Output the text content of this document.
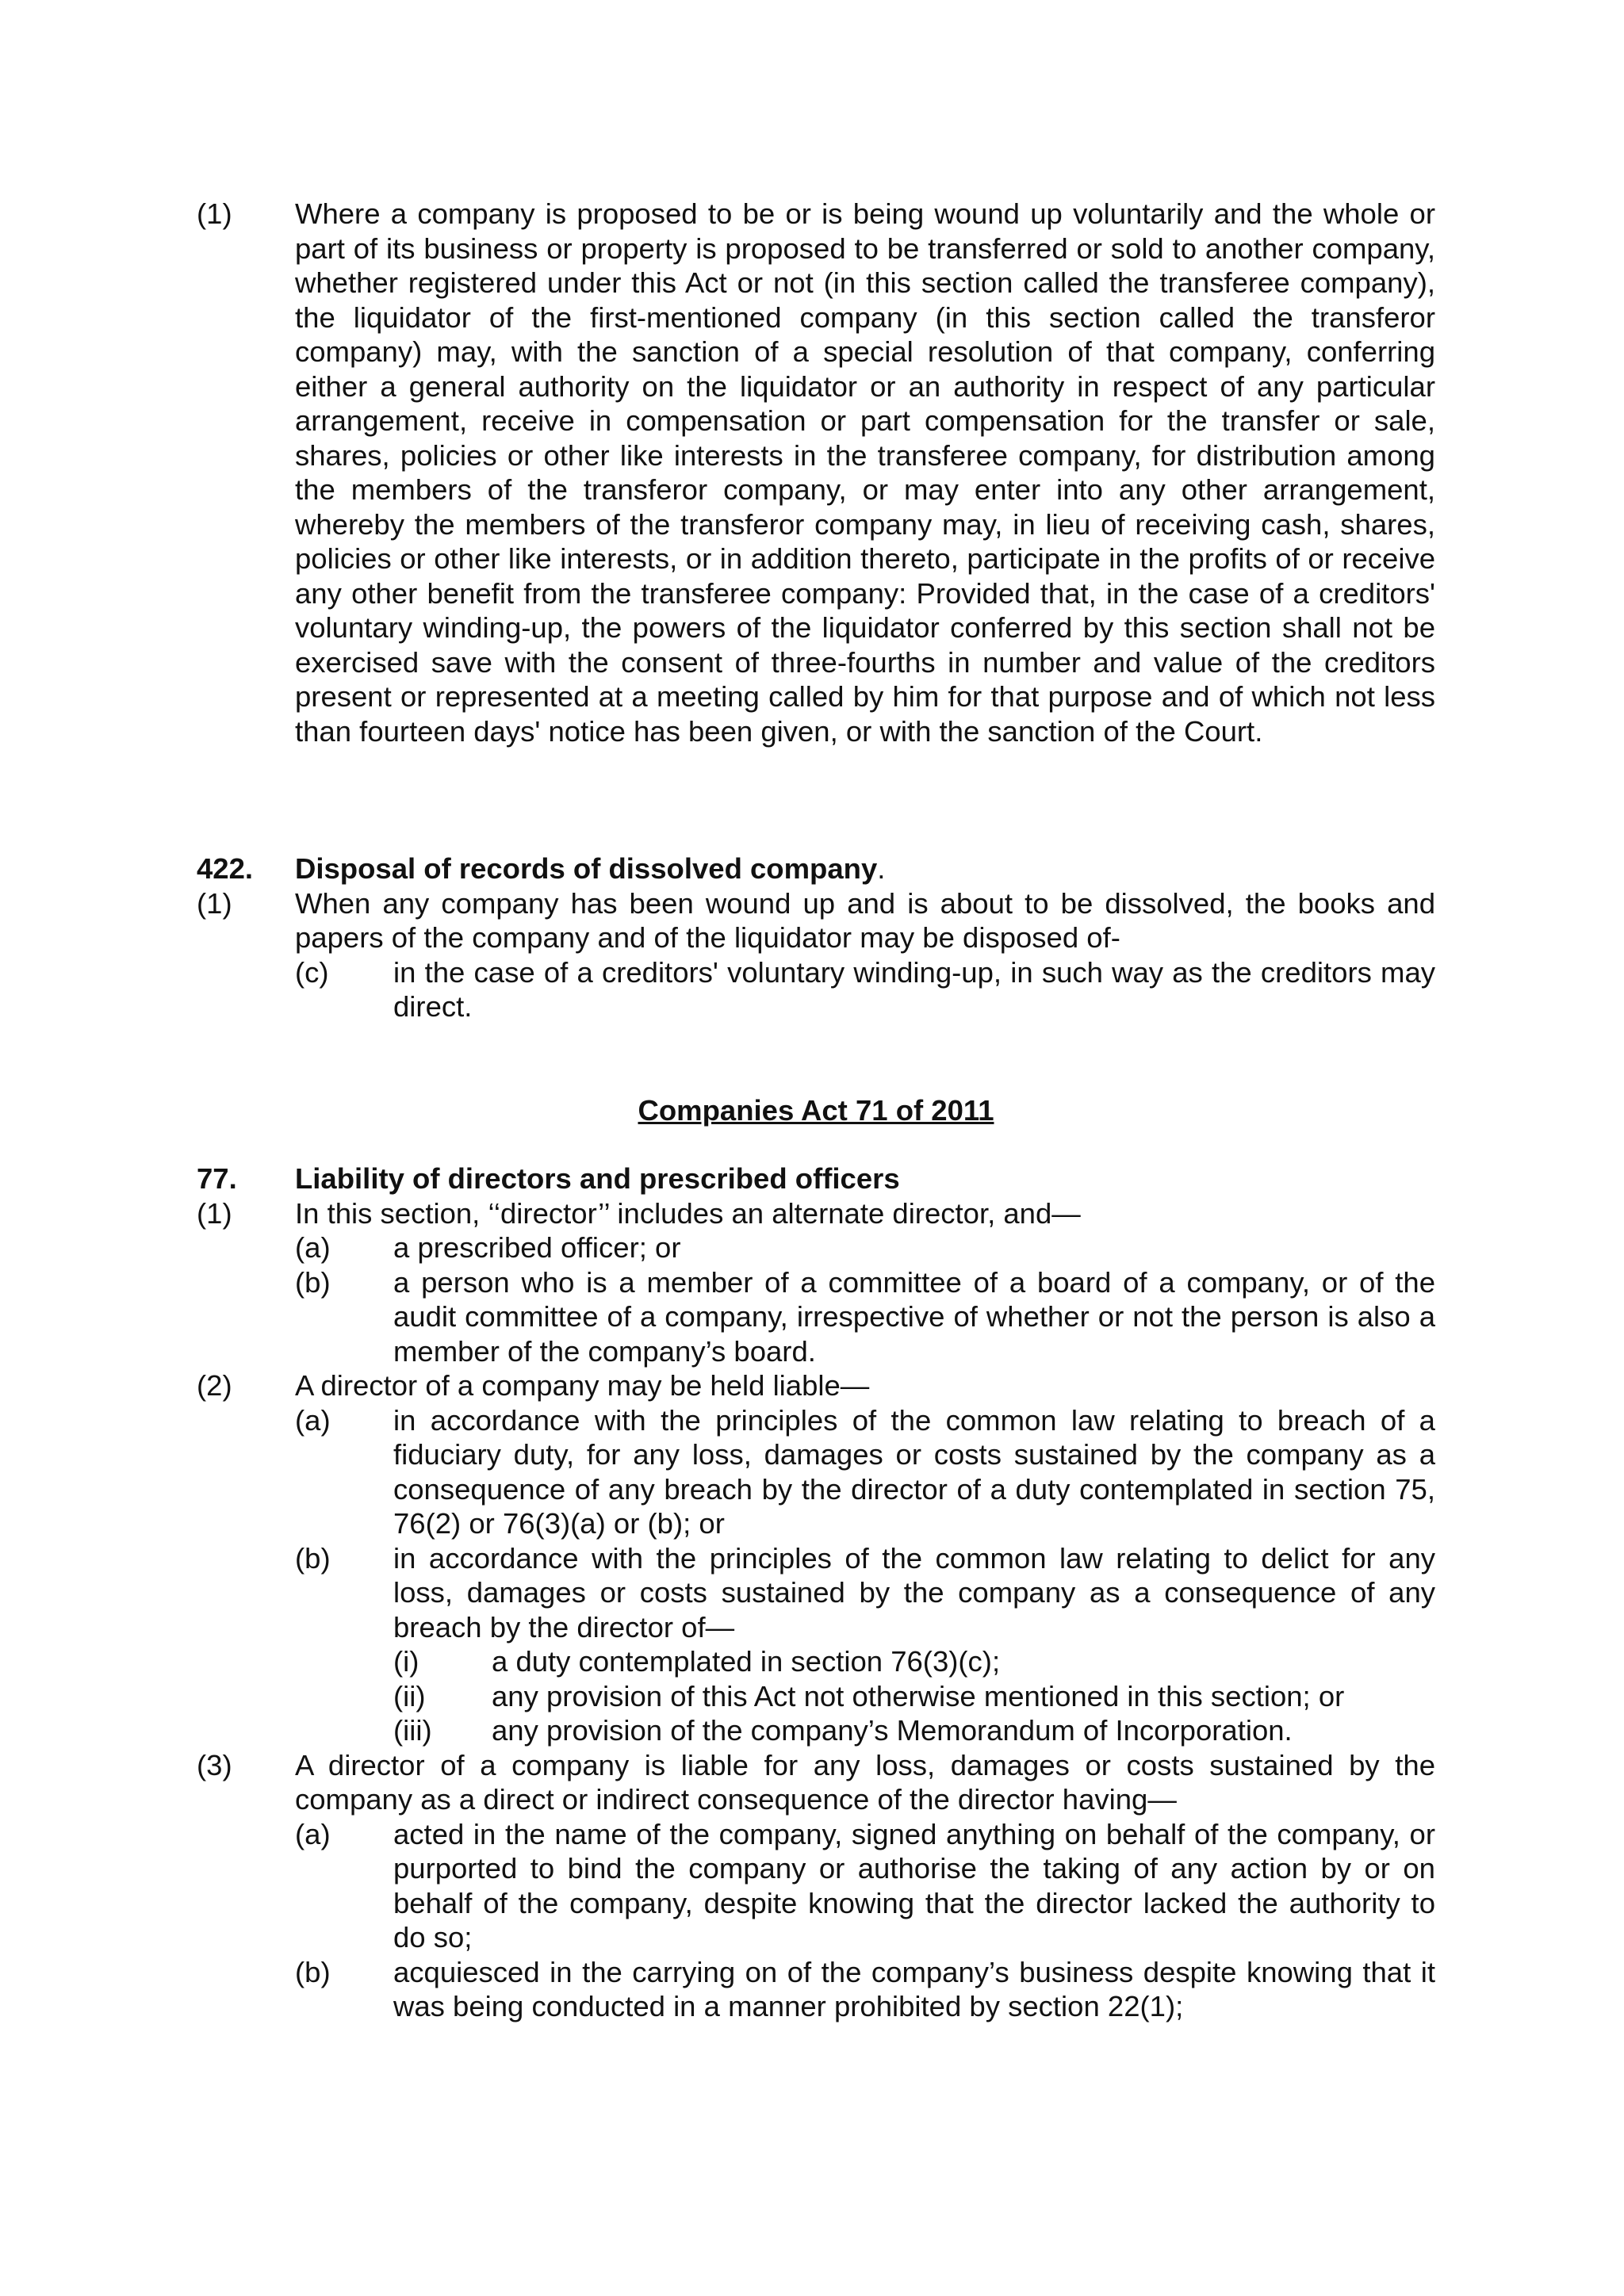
(1)	Where a company is proposed to be or is being wound up voluntarily and the whole or part of its business or property is proposed to be transferred or sold to another company, whether registered under this Act or not (in this section called the transferee company), the liquidator of the first-mentioned company (in this section called the transferor company) may, with the sanction of a special resolution of that company, conferring either a general authority on the liquidator or an authority in respect of any particular arrangement, receive in compensation or part compensation for the transfer or sale, shares, policies or other like interests in the transferee company, for distribution among the members of the transferor company, or may enter into any other arrangement, whereby the members of the transferor company may, in lieu of receiving cash, shares, policies or other like interests, or in addition thereto, participate in the profits of or receive any other benefit from the transferee company: Provided that, in the case of a creditors' voluntary winding-up, the powers of the liquidator conferred by this section shall not be exercised save with the consent of three-fourths in number and value of the creditors present or represented at a meeting called by him for that purpose and of which not less than fourteen days' notice has been given, or with the sanction of the Court.
422.	Disposal of records of dissolved company.
(1)	When any company has been wound up and is about to be dissolved, the books and papers of the company and of the liquidator may be disposed of-
(c)	in the case of a creditors' voluntary winding-up, in such way as the creditors may direct.
Companies Act 71 of 2011
77.	Liability of directors and prescribed officers
(1)	In this section, ‘‘director’’ includes an alternate director, and—
(a)	a prescribed officer; or
(b)	a person who is a member of a committee of a board of a company, or of the audit committee of a company, irrespective of whether or not the person is also a member of the company’s board.
(2)	A director of a company may be held liable—
(a)	in accordance with the principles of the common law relating to breach of a fiduciary duty, for any loss, damages or costs sustained by the company as a consequence of any breach by the director of a duty contemplated in section 75, 76(2) or 76(3)(a) or (b); or
(b)	in accordance with the principles of the common law relating to delict for any loss, damages or costs sustained by the company as a consequence of any breach by the director of—
(i)	a duty contemplated in section 76(3)(c);
(ii)	any provision of this Act not otherwise mentioned in this section; or
(iii)	any provision of the company’s Memorandum of Incorporation.
(3)	A director of a company is liable for any loss, damages or costs sustained by the company as a direct or indirect consequence of the director having—
(a)	acted in the name of the company, signed anything on behalf of the company, or purported to bind the company or authorise the taking of any action by or on behalf of the company, despite knowing that the director lacked the authority to do so;
(b)	acquiesced in the carrying on of the company’s business despite knowing that it was being conducted in a manner prohibited by section 22(1);
